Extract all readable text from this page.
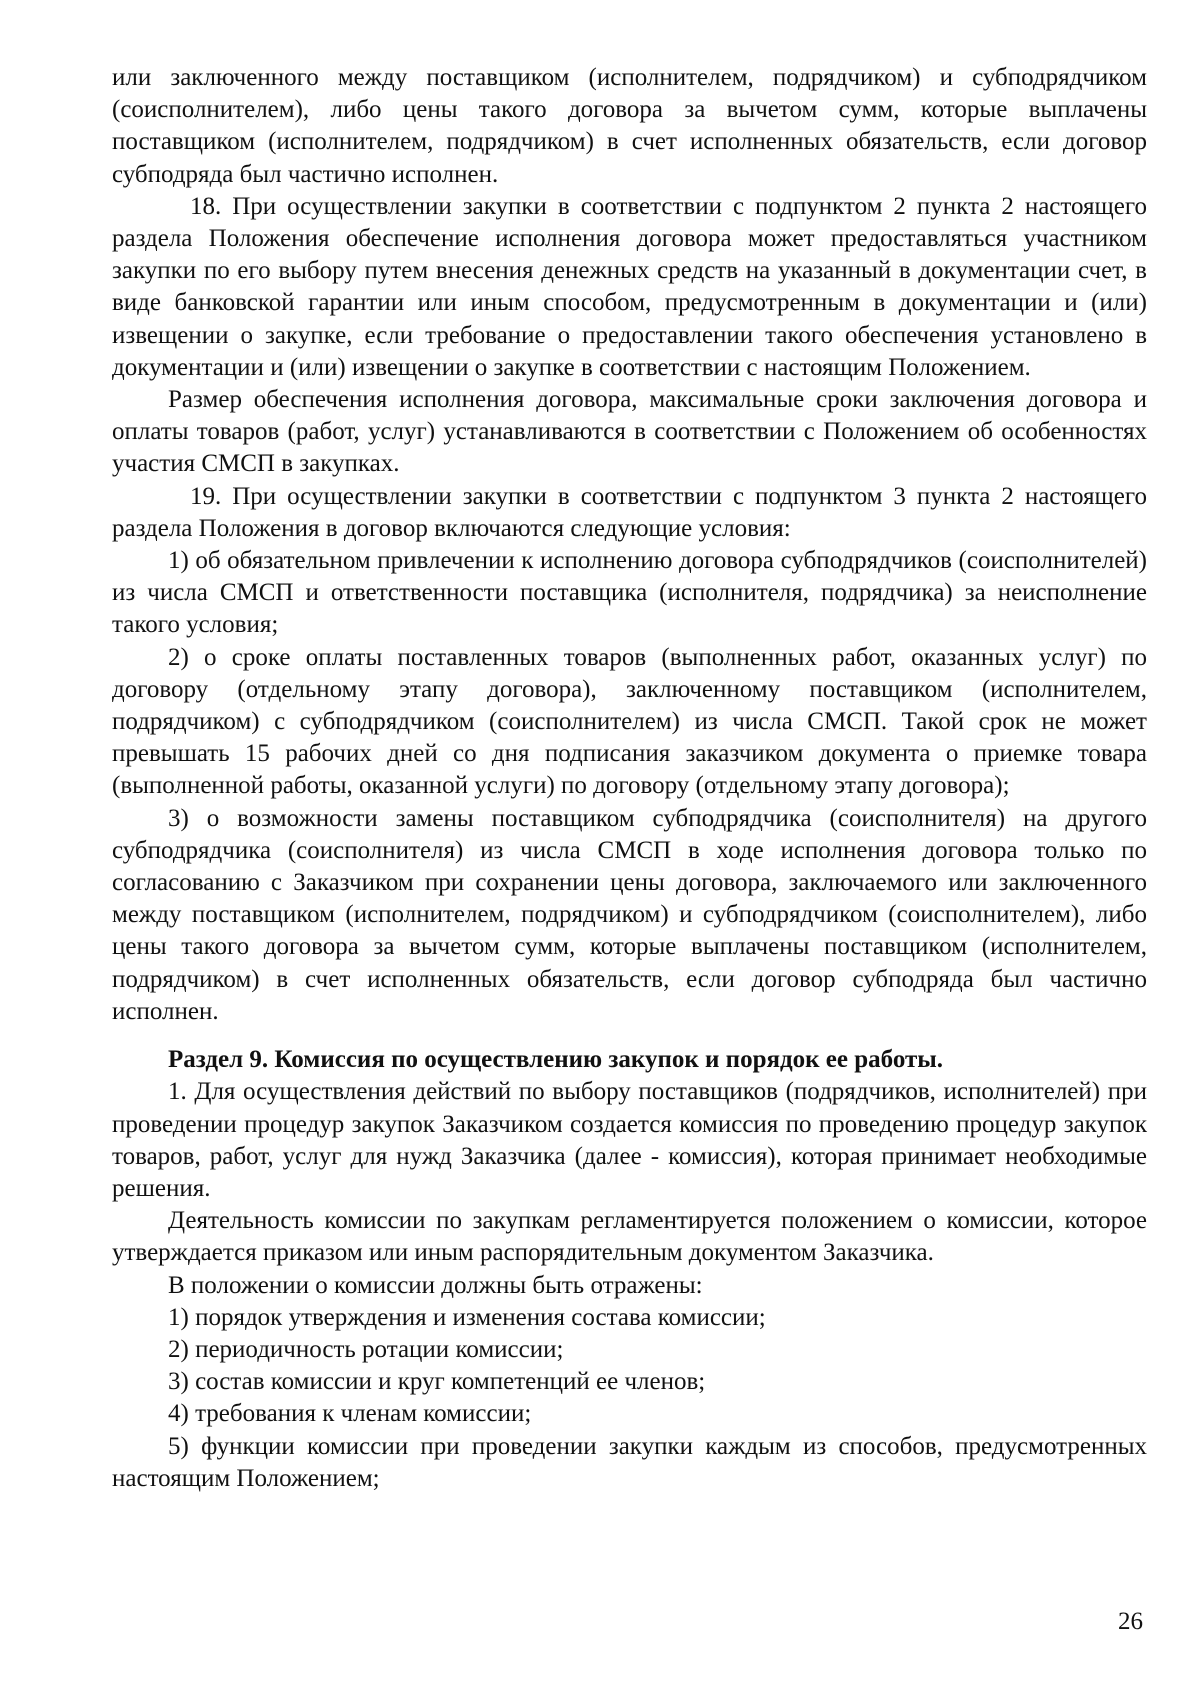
или заключенного между поставщиком (исполнителем, подрядчиком) и субподрядчиком (соисполнителем), либо цены такого договора за вычетом сумм, которые выплачены поставщиком (исполнителем, подрядчиком) в счет исполненных обязательств, если договор субподряда был частично исполнен.

18. При осуществлении закупки в соответствии с подпунктом 2 пункта 2 настоящего раздела Положения обеспечение исполнения договора может предоставляться участником закупки по его выбору путем внесения денежных средств на указанный в документации счет, в виде банковской гарантии или иным способом, предусмотренным в документации и (или) извещении о закупке, если требование о предоставлении такого обеспечения установлено в документации и (или) извещении о закупке в соответствии с настоящим Положением.

Размер обеспечения исполнения договора, максимальные сроки заключения договора и оплаты товаров (работ, услуг) устанавливаются в соответствии с Положением об особенностях участия СМСП в закупках.

19. При осуществлении закупки в соответствии с подпунктом 3 пункта 2 настоящего раздела Положения в договор включаются следующие условия:

1) об обязательном привлечении к исполнению договора субподрядчиков (соисполнителей) из числа СМСП и ответственности поставщика (исполнителя, подрядчика) за неисполнение такого условия;

2) о сроке оплаты поставленных товаров (выполненных работ, оказанных услуг) по договору (отдельному этапу договора), заключенному поставщиком (исполнителем, подрядчиком) с субподрядчиком (соисполнителем) из числа СМСП. Такой срок не может превышать 15 рабочих дней со дня подписания заказчиком документа о приемке товара (выполненной работы, оказанной услуги) по договору (отдельному этапу договора);

3) о возможности замены поставщиком субподрядчика (соисполнителя) на другого субподрядчика (соисполнителя) из числа СМСП в ходе исполнения договора только по согласованию с Заказчиком при сохранении цены договора, заключаемого или заключенного между поставщиком (исполнителем, подрядчиком) и субподрядчиком (соисполнителем), либо цены такого договора за вычетом сумм, которые выплачены поставщиком (исполнителем, подрядчиком) в счет исполненных обязательств, если договор субподряда был частично исполнен.

Раздел 9. Комиссия по осуществлению закупок и порядок ее работы.

1. Для осуществления действий по выбору поставщиков (подрядчиков, исполнителей) при проведении процедур закупок Заказчиком создается комиссия по проведению процедур закупок товаров, работ, услуг для нужд Заказчика (далее - комиссия), которая принимает необходимые решения.

Деятельность комиссии по закупкам регламентируется положением о комиссии, которое утверждается приказом или иным распорядительным документом Заказчика.

В положении о комиссии должны быть отражены:

1) порядок утверждения и изменения состава комиссии;

2) периодичность ротации комиссии;

3) состав комиссии и круг компетенций ее членов;

4) требования к членам комиссии;

5) функции комиссии при проведении закупки каждым из способов, предусмотренных настоящим Положением;

26
